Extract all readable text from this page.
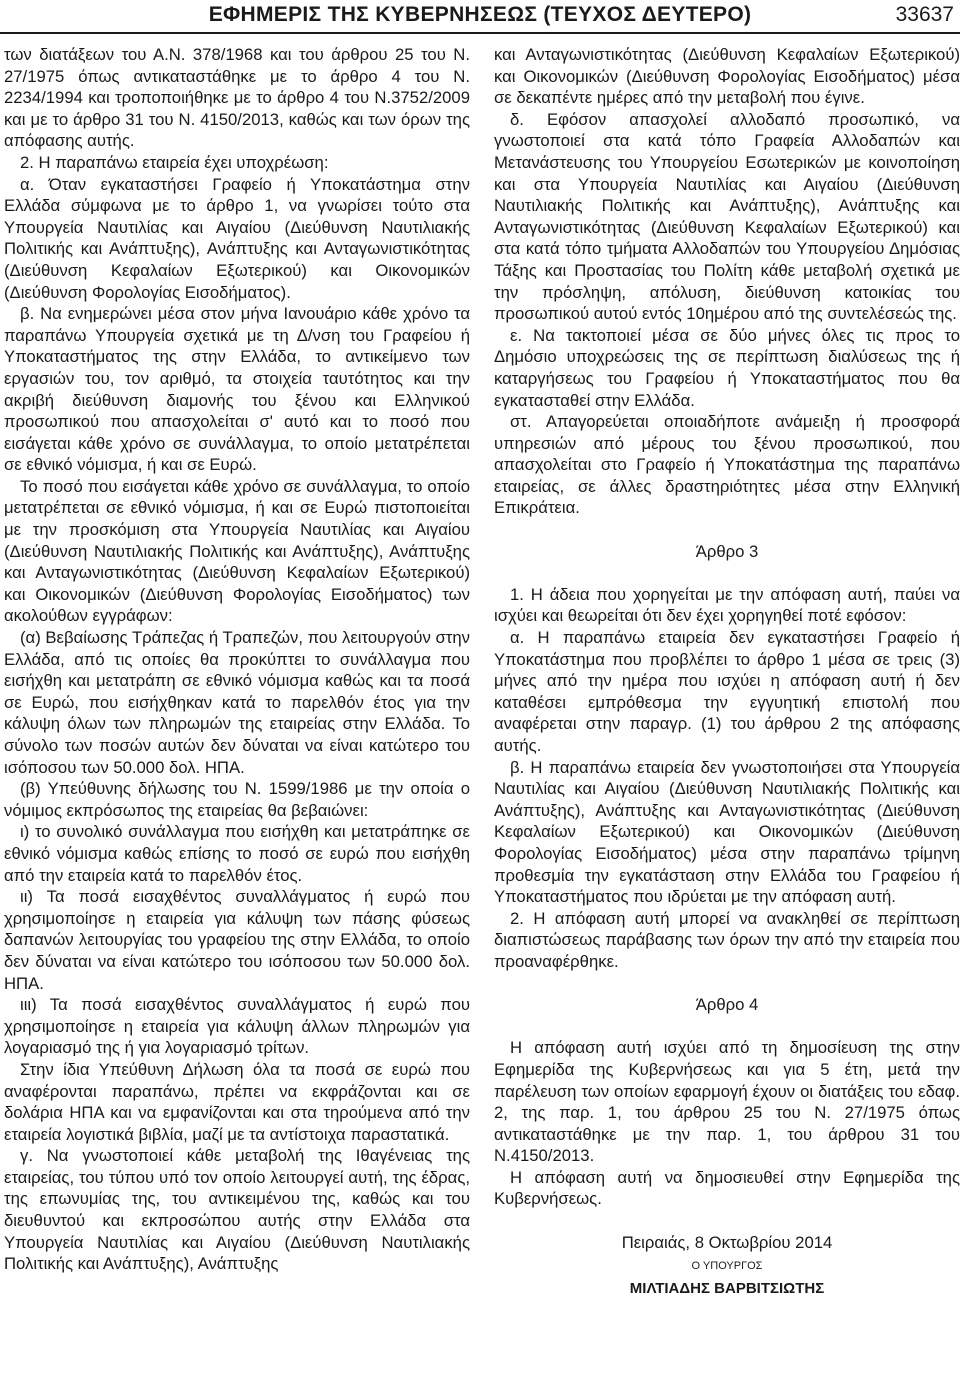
ΕΦΗΜΕΡΙΣ ΤΗΣ ΚΥΒΕΡΝΗΣΕΩΣ (ΤΕΥΧΟΣ ΔΕΥΤΕΡΟ)	33637

των διατάξεων του Α.Ν. 378/1968 και του άρθρου 25 του Ν. 27/1975 όπως αντικαταστάθηκε με το άρθρο 4 του Ν. 2234/1994 και τροποποιήθηκε με το άρθρο 4 του Ν.3752/2009 και με το άρθρο 31 του Ν. 4150/2013, καθώς και των όρων της απόφασης αυτής.

2. Η παραπάνω εταιρεία έχει υποχρέωση:

α. Όταν εγκαταστήσει Γραφείο ή Υποκατάστημα στην Ελλάδα σύμφωνα με το άρθρο 1, να γνωρίσει τούτο στα Υπουργεία Ναυτιλίας και Αιγαίου (Διεύθυνση Ναυτιλιακής Πολιτικής και Ανάπτυξης), Ανάπτυξης και Ανταγωνιστικότητας (Διεύθυνση Κεφαλαίων Εξωτερικού) και Οικονομικών (Διεύθυνση Φορολογίας Εισοδήματος).

β. Να ενημερώνει μέσα στον μήνα Ιανουάριο κάθε χρόνο τα παραπάνω Υπουργεία σχετικά με τη Δ/νση του Γραφείου ή Υποκαταστήματος της στην Ελλάδα, το αντικείμενο των εργασιών του, τον αριθμό, τα στοιχεία ταυτότητος και την ακριβή διεύθυνση διαμονής του ξένου και Ελληνικού προσωπικού που απασχολείται σ' αυτό και το ποσό που εισάγεται κάθε χρόνο σε συνάλλαγμα, το οποίο μετατρέπεται σε εθνικό νόμισμα, ή και σε Ευρώ.

Το ποσό που εισάγεται κάθε χρόνο σε συνάλλαγμα, το οποίο μετατρέπεται σε εθνικό νόμισμα, ή και σε Ευρώ πιστοποιείται με την προσκόμιση στα Υπουργεία Ναυτιλίας και Αιγαίου (Διεύθυνση Ναυτιλιακής Πολιτικής και Ανάπτυξης), Ανάπτυξης και Ανταγωνιστικότητας (Διεύθυνση Κεφαλαίων Εξωτερικού) και Οικονομικών (Διεύθυνση Φορολογίας Εισοδήματος) των ακολούθων εγγράφων:

(α) Βεβαίωσης Τράπεζας ή Τραπεζών, που λειτουργούν στην Ελλάδα, από τις οποίες θα προκύπτει το συνάλλαγμα που εισήχθη και μετατράπη σε εθνικό νόμισμα καθώς και τα ποσά σε Ευρώ, που εισήχθηκαν κατά το παρελθόν έτος για την κάλυψη όλων των πληρωμών της εταιρείας στην Ελλάδα. Το σύνολο των ποσών αυτών δεν δύναται να είναι κατώτερο του ισόποσου των 50.000 δολ. ΗΠΑ.

(β) Υπεύθυνης δήλωσης του Ν. 1599/1986 με την οποία ο νόμιμος εκπρόσωπος της εταιρείας θα βεβαιώνει:

ι) το συνολικό συνάλλαγμα που εισήχθη και μετατράπηκε σε εθνικό νόμισμα καθώς επίσης το ποσό σε ευρώ που εισήχθη από την εταιρεία κατά το παρελθόν έτος.

ιι) Τα ποσά εισαχθέντος συναλλάγματος ή ευρώ που χρησιμοποίησε η εταιρεία για κάλυψη των πάσης φύσεως δαπανών λειτουργίας του γραφείου της στην Ελλάδα, το οποίο δεν δύναται να είναι κατώτερο του ισόποσου των 50.000 δολ. ΗΠΑ.

ιιι) Τα ποσά εισαχθέντος συναλλάγματος ή ευρώ που χρησιμοποίησε η εταιρεία για κάλυψη άλλων πληρωμών για λογαριασμό της ή για λογαριασμό τρίτων.

Στην ίδια Υπεύθυνη Δήλωση όλα τα ποσά σε ευρώ που αναφέρονται παραπάνω, πρέπει να εκφράζονται και σε δολάρια ΗΠΑ και να εμφανίζονται και στα τηρούμενα από την εταιρεία λογιστικά βιβλία, μαζί με τα αντίστοιχα παραστατικά.

γ. Να γνωστοποιεί κάθε μεταβολή της Ιθαγένειας της εταιρείας, του τύπου υπό τον οποίο λειτουργεί αυτή, της έδρας, της επωνυμίας της, του αντικειμένου της, καθώς και του διευθυντού και εκπροσώπου αυτής στην Ελλάδα στα Υπουργεία Ναυτιλίας και Αιγαίου (Διεύθυνση Ναυτιλιακής Πολιτικής και Ανάπτυξης), Ανάπτυξης

και Ανταγωνιστικότητας (Διεύθυνση Κεφαλαίων Εξωτερικού) και Οικονομικών (Διεύθυνση Φορολογίας Εισοδήματος) μέσα σε δεκαπέντε ημέρες από την μεταβολή που έγινε.

δ. Εφόσον απασχολεί αλλοδαπό προσωπικό, να γνωστοποιεί στα κατά τόπο Γραφεία Αλλοδαπών και Μετανάστευσης του Υπουργείου Εσωτερικών με κοινοποίηση και στα Υπουργεία Ναυτιλίας και Αιγαίου (Διεύθυνση Ναυτιλιακής Πολιτικής και Ανάπτυξης), Ανάπτυξης και Ανταγωνιστικότητας (Διεύθυνση Κεφαλαίων Εξωτερικού) και στα κατά τόπο τμήματα Αλλοδαπών του Υπουργείου Δημόσιας Τάξης και Προστασίας του Πολίτη κάθε μεταβολή σχετικά με την πρόσληψη, απόλυση, διεύθυνση κατοικίας του προσωπικού αυτού εντός 10ημέρου από της συντελέσεώς της.

ε. Να τακτοποιεί μέσα σε δύο μήνες όλες τις προς το Δημόσιο υποχρεώσεις της σε περίπτωση διαλύσεως της ή καταργήσεως του Γραφείου ή Υποκαταστήματος που θα εγκατασταθεί στην Ελλάδα.

στ. Απαγορεύεται οποιαδήποτε ανάμειξη ή προσφορά υπηρεσιών από μέρους του ξένου προσωπικού, που απασχολείται στο Γραφείο ή Υποκατάστημα της παραπάνω εταιρείας, σε άλλες δραστηριότητες μέσα στην Ελληνική Επικράτεια.

Άρθρο 3

1. Η άδεια που χορηγείται με την απόφαση αυτή, παύει να ισχύει και θεωρείται ότι δεν έχει χορηγηθεί ποτέ εφόσον:

α. Η παραπάνω εταιρεία δεν εγκαταστήσει Γραφείο ή Υποκατάστημα που προβλέπει το άρθρο 1 μέσα σε τρεις (3) μήνες από την ημέρα που ισχύει η απόφαση αυτή ή δεν καταθέσει εμπρόθεσμα την εγγυητική επιστολή που αναφέρεται στην παραγρ. (1) του άρθρου 2 της απόφασης αυτής.

β. Η παραπάνω εταιρεία δεν γνωστοποιήσει στα Υπουργεία Ναυτιλίας και Αιγαίου (Διεύθυνση Ναυτιλιακής Πολιτικής και Ανάπτυξης), Ανάπτυξης και Ανταγωνιστικότητας (Διεύθυνση Κεφαλαίων Εξωτερικού) και Οικονομικών (Διεύθυνση Φορολογίας Εισοδήματος) μέσα στην παραπάνω τρίμηνη προθεσμία την εγκατάσταση στην Ελλάδα του Γραφείου ή Υποκαταστήματος που ιδρύεται με την απόφαση αυτή.

2. Η απόφαση αυτή μπορεί να ανακληθεί σε περίπτωση διαπιστώσεως παράβασης των όρων την από την εταιρεία που προαναφέρθηκε.

Άρθρο 4

Η απόφαση αυτή ισχύει από τη δημοσίευση της στην Εφημερίδα της Κυβερνήσεως και για 5 έτη, μετά την παρέλευση των οποίων εφαρμογή έχουν οι διατάξεις του εδαφ. 2, της παρ. 1, του άρθρου 25 του Ν. 27/1975 όπως αντικαταστάθηκε με την παρ. 1, του άρθρου 31 του Ν.4150/2013.

Η απόφαση αυτή να δημοσιευθεί στην Εφημερίδα της Κυβερνήσεως.

Πειραιάς, 8 Οκτωβρίου 2014

Ο ΥΠΟΥΡΓΟΣ

ΜΙΛΤΙΑΔΗΣ ΒΑΡΒΙΤΣΙΩΤΗΣ
